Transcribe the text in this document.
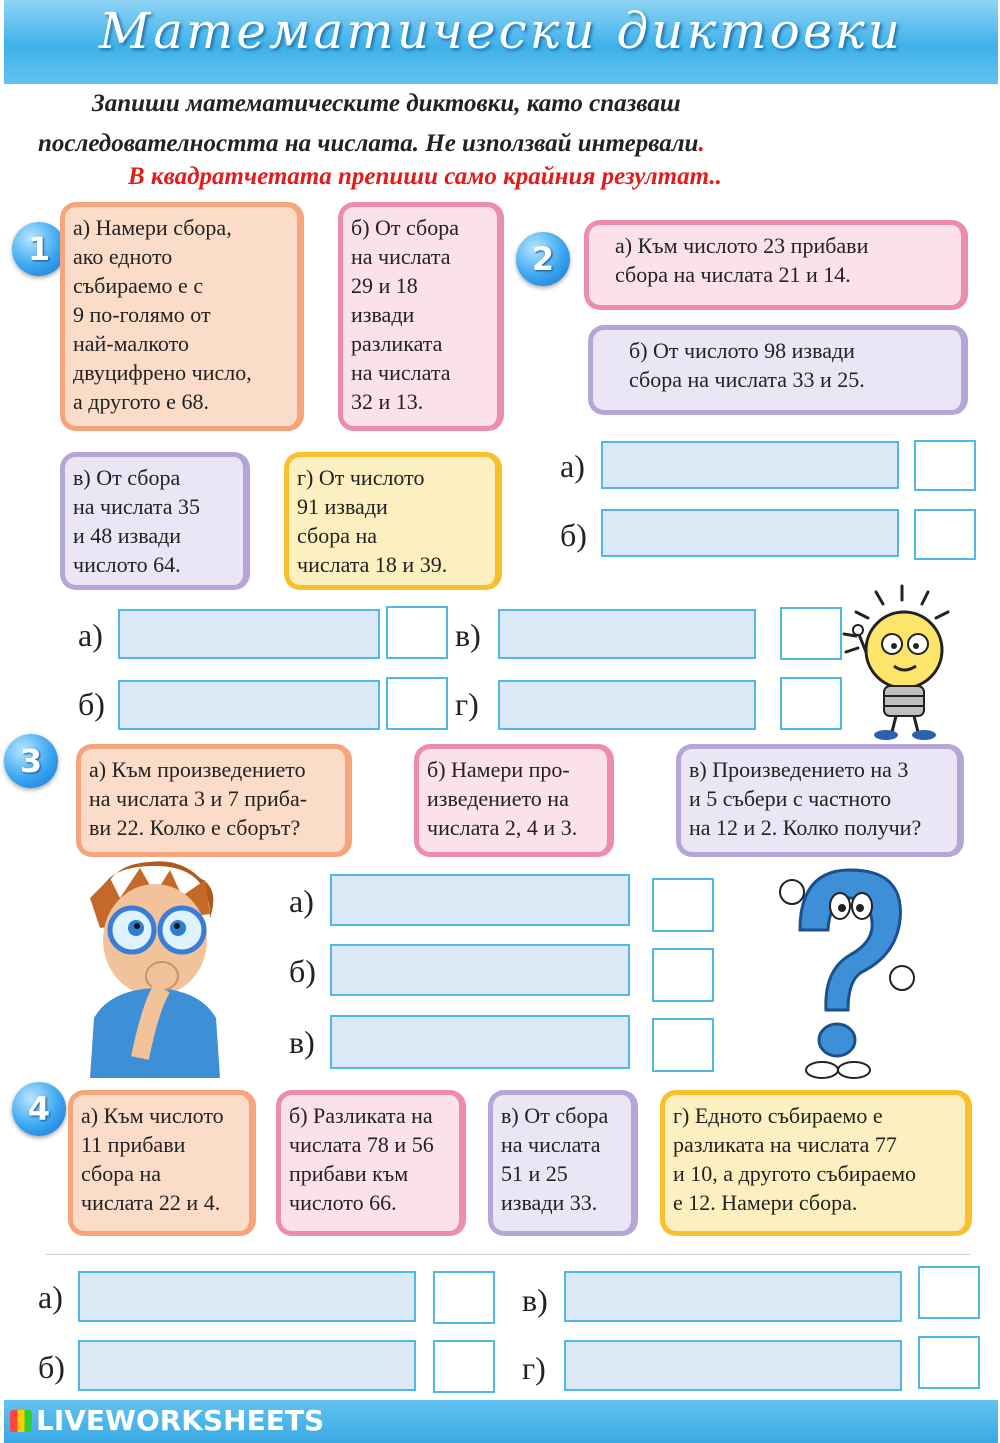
Математически диктовки
Запиши математическите диктовки, като спазваш
последователността на числата. Не използвай интервали.
В квадратчетата препиши само крайния резултат..
1
а) Намери сбора,
ако едното
събираемо е с
9 по-голямо от
най-малкото
двуцифрено число,
а другото е 68.
б) От сбора
на числата
29 и 18
извади
разликата
на числата
32 и 13.
в) От сбора
на числата 35
и 48 извади
числото 64.
г) От числото
91 извади
сбора на
числата 18 и 39.
2	а) Към числото 23 прибави
сбора на числата 21 и 14.
б) От числото 98 извади
сбора на числата 33 и 25.
а)
б)
а)
б)
в)
г)
3	а) Към произведението
на числата 3 и 7 приба-
ви 22. Колко е сборът?
б) Намери про-
изведението на
числата 2, 4 и 3.
в) Произведението на 3
и 5 събери с частното
на 12 и 2. Колко получи?
а)
б)
в)
4	а) Към числото
11 прибави
сбора на
числата 22 и 4.
б) Разликата на
числата 78 и 56
прибави към
числото 66.
в) От сбора
на числата
51 и 25
извади 33.
г) Едното събираемо е
разликата на числата 77
и 10, а другото събираемо
е 12. Намери сбора.
а)
б)
в)
г)
LIVEWORKSHEETS
